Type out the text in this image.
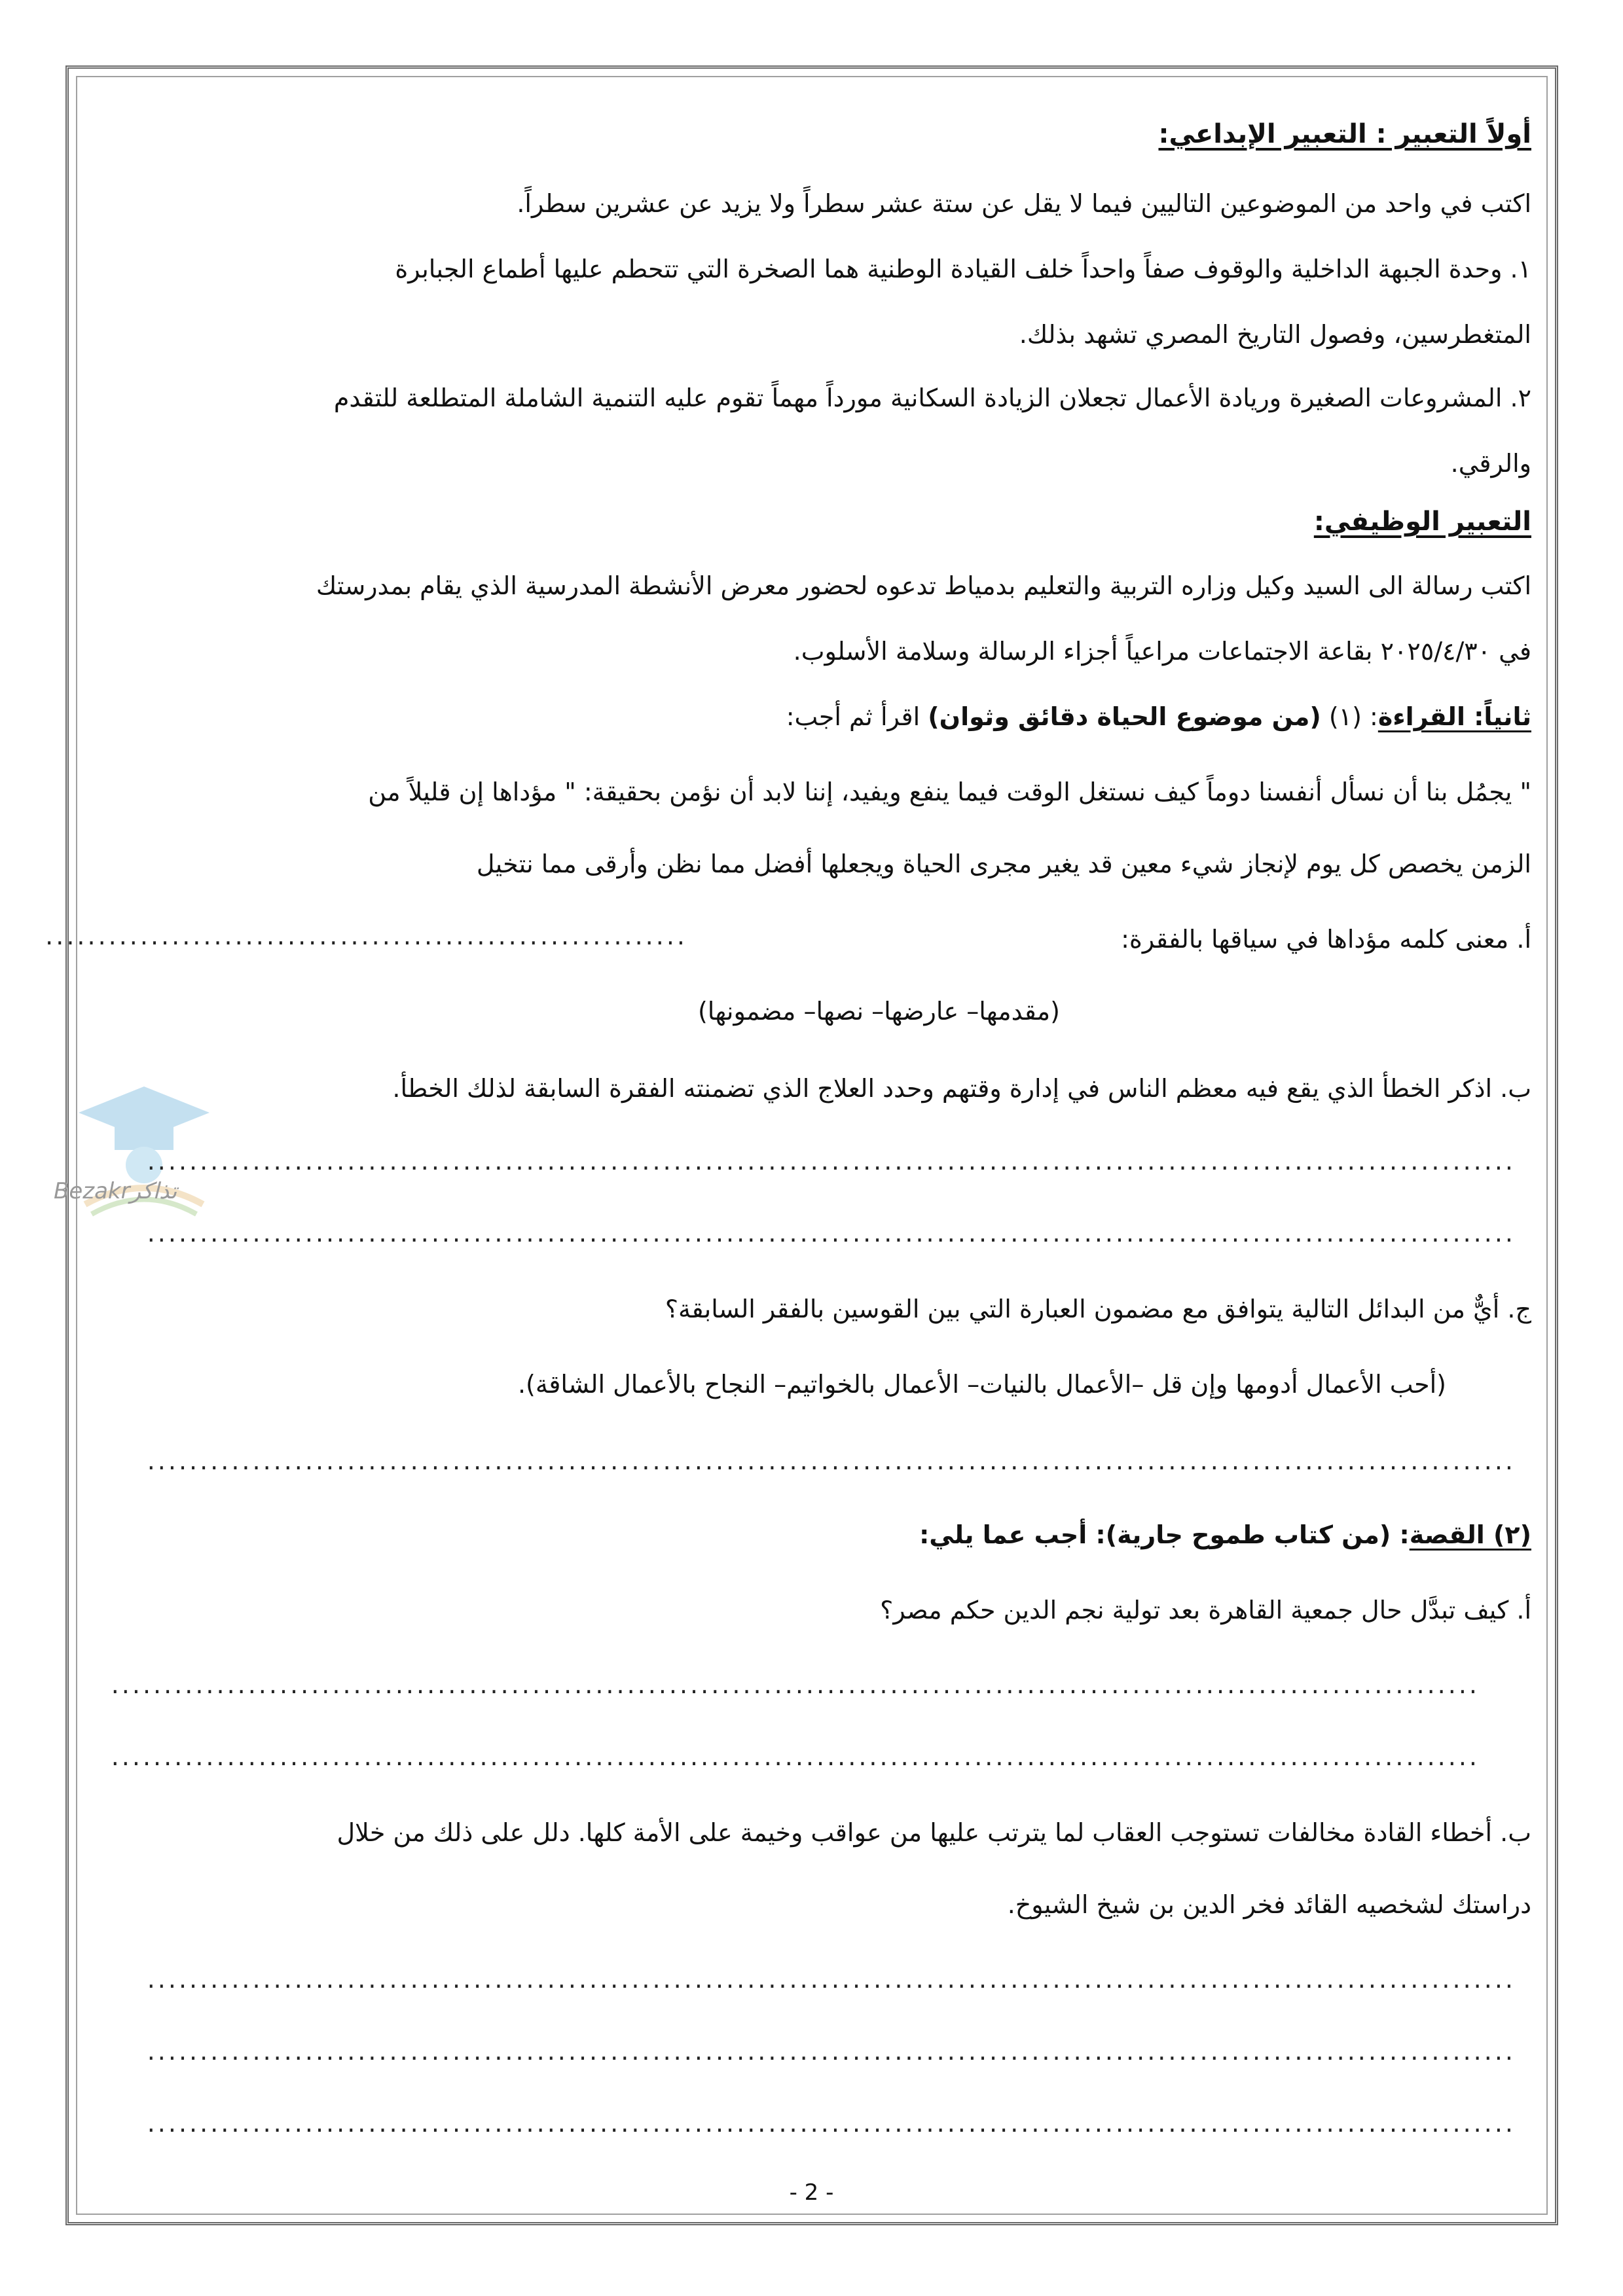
تذاكرBezakr
أولاً التعبير : التعبير الإبداعي:
اكتب في واحد من الموضوعين التاليين فيما لا يقل عن ستة عشر سطراً ولا يزيد عن عشرين سطراً.
١. وحدة الجبهة الداخلية والوقوف صفاً واحداً خلف القيادة الوطنية هما الصخرة التي تتحطم عليها أطماع الجبابرة
المتغطرسين، وفصول التاريخ المصري تشهد بذلك.
٢. المشروعات الصغيرة وريادة الأعمال تجعلان الزيادة السكانية مورداً مهماً تقوم عليه التنمية الشاملة المتطلعة للتقدم
والرقي.
التعبير الوظيفي:
اكتب رسالة الى السيد وكيل وزاره التربية والتعليم بدمياط تدعوه لحضور معرض الأنشطة المدرسية الذي يقام بمدرستك
في ٢٠٢٥/٤/٣٠ بقاعة الاجتماعات مراعياً أجزاء الرسالة وسلامة الأسلوب.
ثانياً: القراءة: (١) (من موضوع الحياة دقائق وثوان) اقرأ ثم أجب:
" يجمُل بنا أن نسأل أنفسنا دوماً كيف نستغل الوقت فيما ينفع ويفيد، إننا لابد أن نؤمن بحقيقة: " مؤداها إن قليلاً من
الزمن يخصص كل يوم لإنجاز شيء معين قد يغير مجرى الحياة ويجعلها أفضل مما نظن وأرقى مما نتخيل
أ. معنى كلمه مؤداها في سياقها بالفقرة:
.............................................................
(مقدمها– عارضها– نصها– مضمونها)
ب. اذكر الخطأ الذي يقع فيه معظم الناس في إدارة وقتهم وحدد العلاج الذي تضمنته الفقرة السابقة لذلك الخطأ.
..................................................................................................................................
..................................................................................................................................
ج. أيٌّ من البدائل التالية يتوافق مع مضمون العبارة التي بين القوسين بالفقر السابقة؟
(أحب الأعمال أدومها وإن قل –الأعمال بالنيات– الأعمال بالخواتيم– النجاح بالأعمال الشاقة).
..................................................................................................................................
(٢) القصة: (من كتاب طموح جارية): أجب عما يلي:
أ. كيف تبدَّل حال جمعية القاهرة بعد تولية نجم الدين حكم مصر؟
..................................................................................................................................
..................................................................................................................................
ب. أخطاء القادة مخالفات تستوجب العقاب لما يترتب عليها من عواقب وخيمة على الأمة كلها. دلل على ذلك من خلال
دراستك لشخصيه القائد فخر الدين بن شيخ الشيوخ.
..................................................................................................................................
..................................................................................................................................
..................................................................................................................................
- 2 -
